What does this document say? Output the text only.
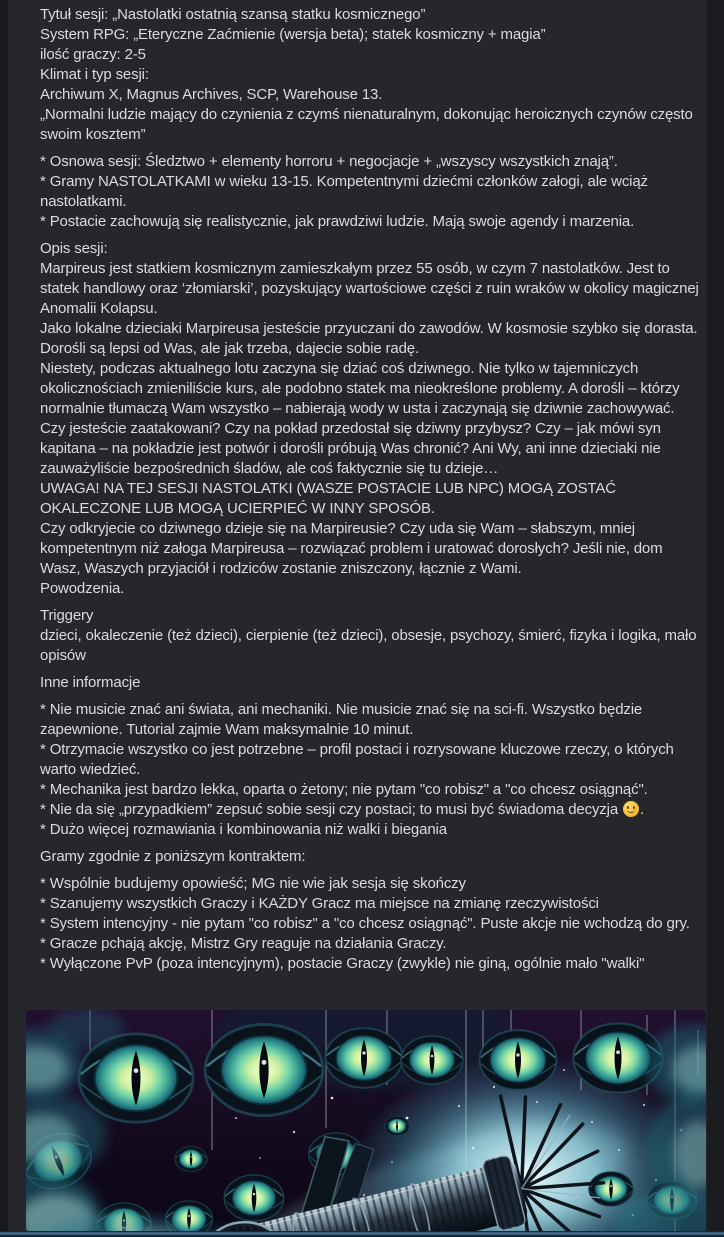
Tytuł sesji: „Nastolatki ostatnią szansą statku kosmicznego”
System RPG: „Eteryczne Zaćmienie (wersja beta); statek kosmiczny + magia”
ilość graczy: 2-5
Klimat i typ sesji:
Archiwum X, Magnus Archives, SCP, Warehouse 13.
„Normalni ludzie mający do czynienia z czymś nienaturalnym, dokonując heroicznych czynów często swoim kosztem”
* Osnowa sesji: Śledztwo + elementy horroru + negocjacje + „wszyscy wszystkich znają”.
* Gramy NASTOLATKAMI w wieku 13-15. Kompetentnymi dziećmi członków załogi, ale wciąż nastolatkami.
* Postacie zachowują się realistycznie, jak prawdziwi ludzie. Mają swoje agendy i marzenia.
Opis sesji:
Marpireus jest statkiem kosmicznym zamieszkałym przez 55 osób, w czym 7 nastolatków. Jest to statek handlowy oraz ‘złomiarski’, pozyskujący wartościowe części z ruin wraków w okolicy magicznej Anomalii Kolapsu.
Jako lokalne dzieciaki Marpireusa jesteście przyuczani do zawodów. W kosmosie szybko się dorasta. Dorośli są lepsi od Was, ale jak trzeba, dajecie sobie radę.
Niestety, podczas aktualnego lotu zaczyna się dziać coś dziwnego. Nie tylko w tajemniczych okolicznościach zmieniliście kurs, ale podobno statek ma nieokreślone problemy. A dorośli – którzy normalnie tłumaczą Wam wszystko – nabierają wody w usta i zaczynają się dziwnie zachowywać.
Czy jesteście zaatakowani? Czy na pokład przedostał się dziwny przybysz? Czy – jak mówi syn kapitana – na pokładzie jest potwór i dorośli próbują Was chronić? Ani Wy, ani inne dzieciaki nie zauważyliście bezpośrednich śladów, ale coś faktycznie się tu dzieje…
UWAGA! NA TEJ SESJI NASTOLATKI (WASZE POSTACIE LUB NPC) MOGĄ ZOSTAĆ OKALECZONE LUB MOGĄ UCIERPIEĆ W INNY SPOSÓB.
Czy odkryjecie co dziwnego dzieje się na Marpireusie? Czy uda się Wam – słabszym, mniej kompetentnym niż załoga Marpireusa – rozwiązać problem i uratować dorosłych? Jeśli nie, dom Wasz, Waszych przyjaciół i rodziców zostanie zniszczony, łącznie z Wami.
Powodzenia.
Triggery
dzieci, okaleczenie (też dzieci), cierpienie (też dzieci), obsesje, psychozy, śmierć, fizyka i logika, mało opisów
Inne informacje
* Nie musicie znać ani świata, ani mechaniki. Nie musicie znać się na sci-fi. Wszystko będzie zapewnione. Tutorial zajmie Wam maksymalnie 10 minut.
* Otrzymacie wszystko co jest potrzebne – profil postaci i rozrysowane kluczowe rzeczy, o których warto wiedzieć.
* Mechanika jest bardzo lekka, oparta o żetony; nie pytam "co robisz" a "co chcesz osiągnąć".
* Nie da się „przypadkiem” zepsuć sobie sesji czy postaci; to musi być świadoma decyzja .
* Dużo więcej rozmawiania i kombinowania niż walki i biegania
Gramy zgodnie z poniższym kontraktem:
* Wspólnie budujemy opowieść; MG nie wie jak sesja się skończy
* Szanujemy wszystkich Graczy i KAŻDY Gracz ma miejsce na zmianę rzeczywistości
* System intencyjny - nie pytam "co robisz" a "co chcesz osiągnąć". Puste akcje nie wchodzą do gry.
* Gracze pchają akcję, Mistrz Gry reaguje na działania Graczy.
* Wyłączone PvP (poza intencyjnym), postacie Graczy (zwykle) nie giną, ogólnie mało "walki"
